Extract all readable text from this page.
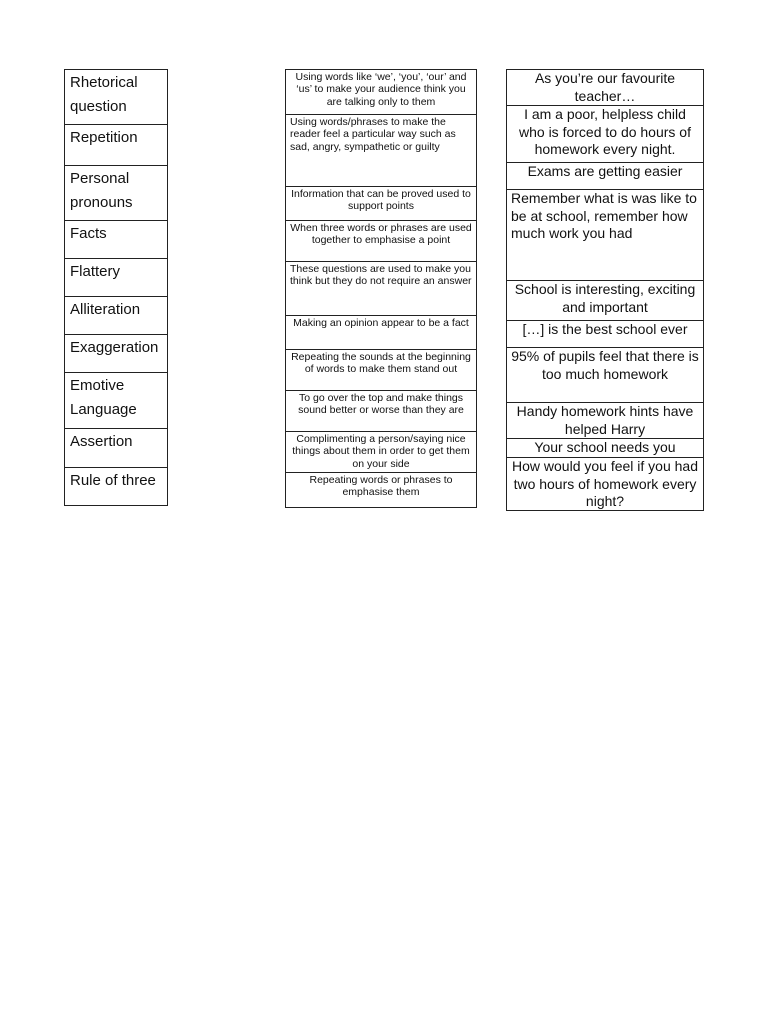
Rhetorical question
Repetition
Personal pronouns
Facts
Flattery
Alliteration
Exaggeration
Emotive Language
Assertion
Rule of three
Using words like ‘we’, ‘you’, ‘our’ and ‘us’ to make your audience think you are talking only to them
Using words/phrases to make the reader feel a particular way such as sad, angry, sympathetic or guilty
Information that can be proved used to support points
When three words or phrases are used together to emphasise a point
These questions are used to make you think but they do not require an answer
Making an opinion appear to be a fact
Repeating the sounds at the beginning of words to make them stand out
To go over the top and make things sound better or worse than they are
Complimenting a person/saying nice things about them in order to get them on your side
Repeating words or phrases to emphasise them
As you’re our favourite teacher…
I am a poor, helpless child who is forced to do hours of homework every night.
Exams are getting easier
Remember what is was like to be at school, remember how much work you had
School is interesting, exciting and important
[…] is the best school ever
95% of pupils feel that there is too much homework
Handy homework hints have helped Harry
Your school needs you
How would you feel if you had two hours of homework every night?
